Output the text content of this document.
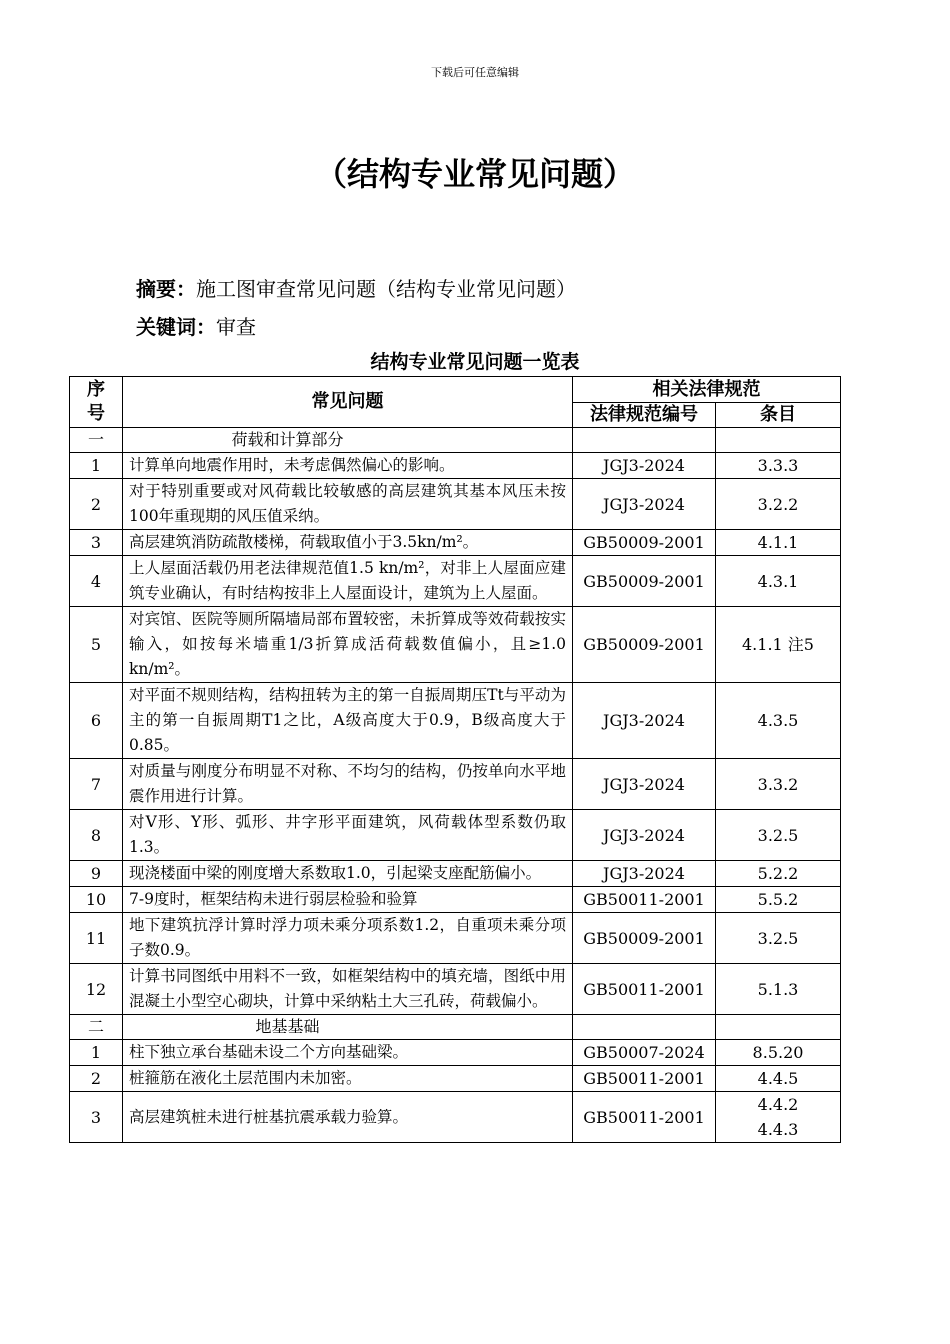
下载后可任意编辑
（结构专业常见问题）
摘要：施工图审查常见问题（结构专业常见问题）
关键词：审查
结构专业常见问题一览表
序号	常见问题	相关法律规范	
		法律规范编号	条目
一	荷载和计算部分		
1	计算单向地震作用时，未考虑偶然偏心的影响。	JGJ3-2024	3.3.3
2	对于特别重要或对风荷载比较敏感的高层建筑其基本风压未按100年重现期的风压值采纳。	JGJ3-2024	3.2.2
3	高层建筑消防疏散楼梯，荷载取值小于3.5kn/m²。	GB50009-2001	4.1.1
4	上人屋面活载仍用老法律规范值1.5 kn/m²，对非上人屋面应建筑专业确认，有时结构按非上人屋面设计，建筑为上人屋面。	GB50009-2001	4.3.1
5	对宾馆、医院等厕所隔墙局部布置较密，未折算成等效荷载按实输入，如按每米墙重1/3折算成活荷载数值偏小，且≥1.0 kn/m²。	GB50009-2001	4.1.1 注5
6	对平面不规则结构，结构扭转为主的第一自振周期压Tt与平动为主的第一自振周期T1之比，A级高度大于0.9，B级高度大于0.85。	JGJ3-2024	4.3.5
7	对质量与刚度分布明显不对称、不均匀的结构，仍按单向水平地震作用进行计算。	JGJ3-2024	3.3.2
8	对V形、Y形、弧形、井字形平面建筑，风荷载体型系数仍取1.3。	JGJ3-2024	3.2.5
9	现浇楼面中梁的刚度增大系数取1.0，引起梁支座配筋偏小。	JGJ3-2024	5.2.2
10	7-9度时，框架结构未进行弱层检验和验算	GB50011-2001	5.5.2
11	地下建筑抗浮计算时浮力项未乘分项系数1.2，自重项未乘分项子数0.9。	GB50009-2001	3.2.5
12	计算书同图纸中用料不一致，如框架结构中的填充墙，图纸中用混凝土小型空心砌块，计算中采纳粘土大三孔砖，荷载偏小。	GB50011-2001	5.1.3
二	地基基础		
1	柱下独立承台基础未设二个方向基础梁。	GB50007-2024	8.5.20
2	桩箍筋在液化土层范围内未加密。	GB50011-2001	4.4.5
3	高层建筑桩未进行桩基抗震承载力验算。	GB50011-2001	4.4.2
4.4.3
